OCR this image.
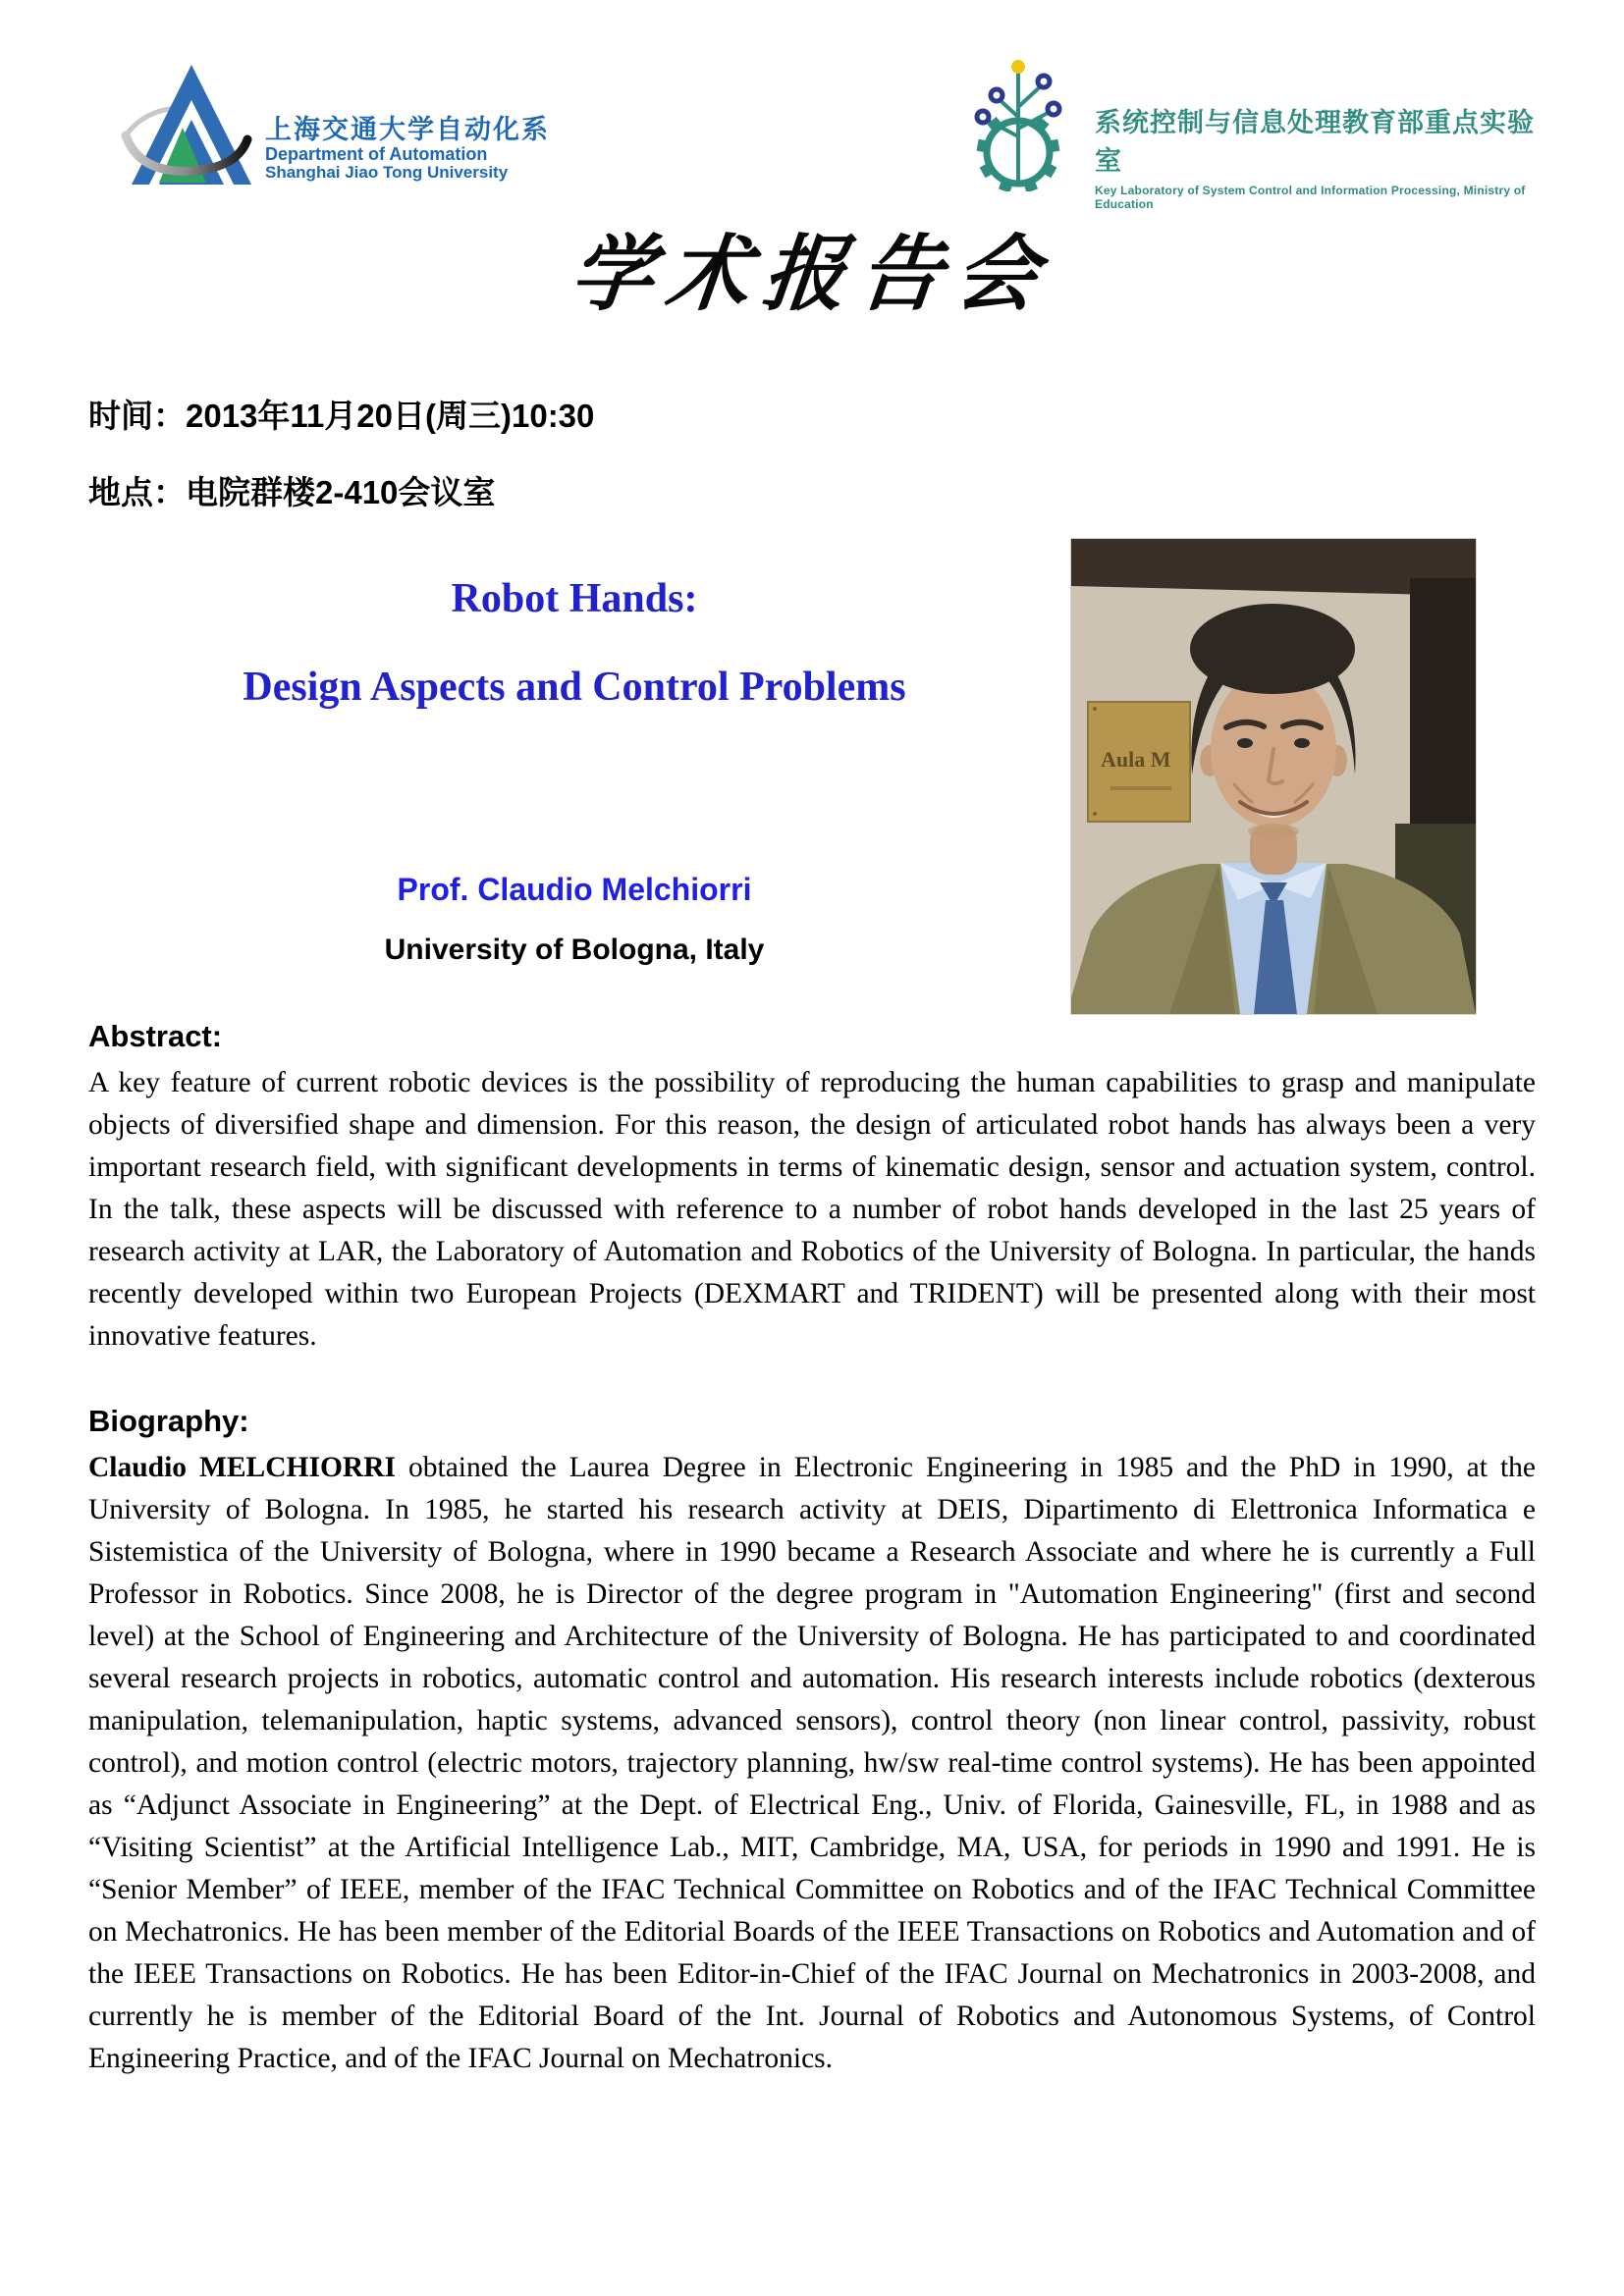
上海交通大学自动化系
Department of Automation
Shanghai Jiao Tong University
系统控制与信息处理教育部重点实验室
Key Laboratory of System Control and Information Processing, Ministry of Education
学术报告会

时间：2013年11月20日(周三)10:30

地点：电院群楼2-410会议室

Robot Hands:
Design Aspects and Control Problems
Prof. Claudio Melchiorri
University of Bologna, Italy
Aula M
Abstract:

A key feature of current robotic devices is the possibility of reproducing the human capabilities to grasp and manipulate objects of diversified shape and dimension. For this reason, the design of articulated robot hands has always been a very important research field, with significant developments in terms of kinematic design, sensor and actuation system, control. In the talk, these aspects will be discussed with reference to a number of robot hands developed in the last 25 years of research activity at LAR, the Laboratory of Automation and Robotics of the University of Bologna. In particular, the hands recently developed within two European Projects (DEXMART and TRIDENT) will be presented along with their most innovative features.

Biography:

Claudio MELCHIORRI obtained the Laurea Degree in Electronic Engineering in 1985 and the PhD in 1990, at the University of Bologna. In 1985, he started his research activity at DEIS, Dipartimento di Elettronica Informatica e Sistemistica of the University of Bologna, where in 1990 became a Research Associate and where he is currently a Full Professor in Robotics. Since 2008, he is Director of the degree program in "Automation Engineering" (first and second level) at the School of Engineering and Architecture of the University of Bologna. He has participated to and coordinated several research projects in robotics, automatic control and automation. His research interests include robotics (dexterous manipulation, telemanipulation, haptic systems, advanced sensors), control theory (non linear control, passivity, robust control), and motion control (electric motors, trajectory planning, hw/sw real-time control systems). He has been appointed as “Adjunct Associate in Engineering” at the Dept. of Electrical Eng., Univ. of Florida, Gainesville, FL, in 1988 and as “Visiting Scientist” at the Artificial Intelligence Lab., MIT, Cambridge, MA, USA, for periods in 1990 and 1991. He is “Senior Member” of IEEE, member of the IFAC Technical Committee on Robotics and of the IFAC Technical Committee on Mechatronics. He has been member of the Editorial Boards of the IEEE Transactions on Robotics and Automation and of the IEEE Transactions on Robotics. He has been Editor-in-Chief of the IFAC Journal on Mechatronics in 2003-2008, and currently he is member of the Editorial Board of the Int. Journal of Robotics and Autonomous Systems, of Control Engineering Practice, and of the IFAC Journal on Mechatronics.
